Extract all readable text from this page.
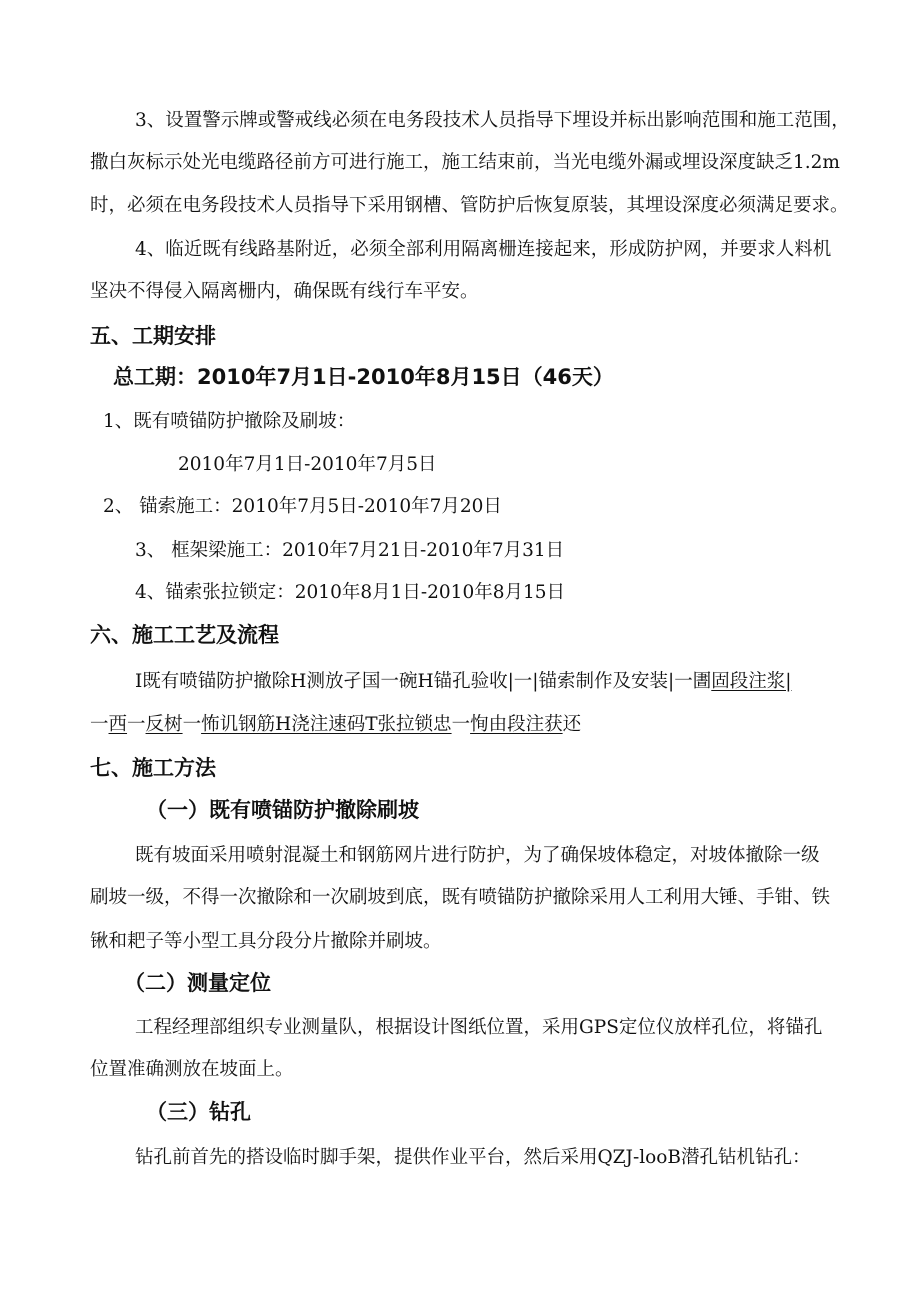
3、设置警示牌或警戒线必须在电务段技术人员指导下埋设并标出影响范围和施工范围，
撒白灰标示处光电缆路径前方可进行施工，施工结束前，当光电缆外漏或埋设深度缺乏1.2m
时，必须在电务段技术人员指导下采用钢槽、管防护后恢复原装，其埋设深度必须满足要求。
4、临近既有线路基附近，必须全部利用隔离栅连接起来，形成防护网，并要求人料机
坚决不得侵入隔离栅内，确保既有线行车平安。
五、工期安排
总工期：2010年7月1日-2010年8月15日（46天）
1、既有喷锚防护撤除及刷坡：
2010年7月1日-2010年7月5日
2、 锚索施工：2010年7月5日-2010年7月20日
3、 框架梁施工：2010年7月21日-2010年7月31日
4、锚索张拉锁定：2010年8月1日-2010年8月15日
六、施工工艺及流程
I既有喷锚防护撤除H测放孑国一碗H锚孔验收|一|锚索制作及安装|一圕固段注浆|
一西一反树一怖讥钢筋H浇注速码T张拉锁忠一恂由段注获还
七、施工方法
（一）既有喷锚防护撤除刷坡
既有坡面采用喷射混凝土和钢筋网片进行防护，为了确保坡体稳定，对坡体撤除一级
刷坡一级，不得一次撤除和一次刷坡到底，既有喷锚防护撤除采用人工利用大锤、手钳、铁
锹和耙子等小型工具分段分片撤除并刷坡。
（二）测量定位
工程经理部组织专业测量队，根据设计图纸位置，采用GPS定位仪放样孔位，将锚孔
位置准确测放在坡面上。
（三）钻孔
钻孔前首先的搭设临时脚手架，提供作业平台，然后采用QZJ-looB潜孔钻机钻孔：
